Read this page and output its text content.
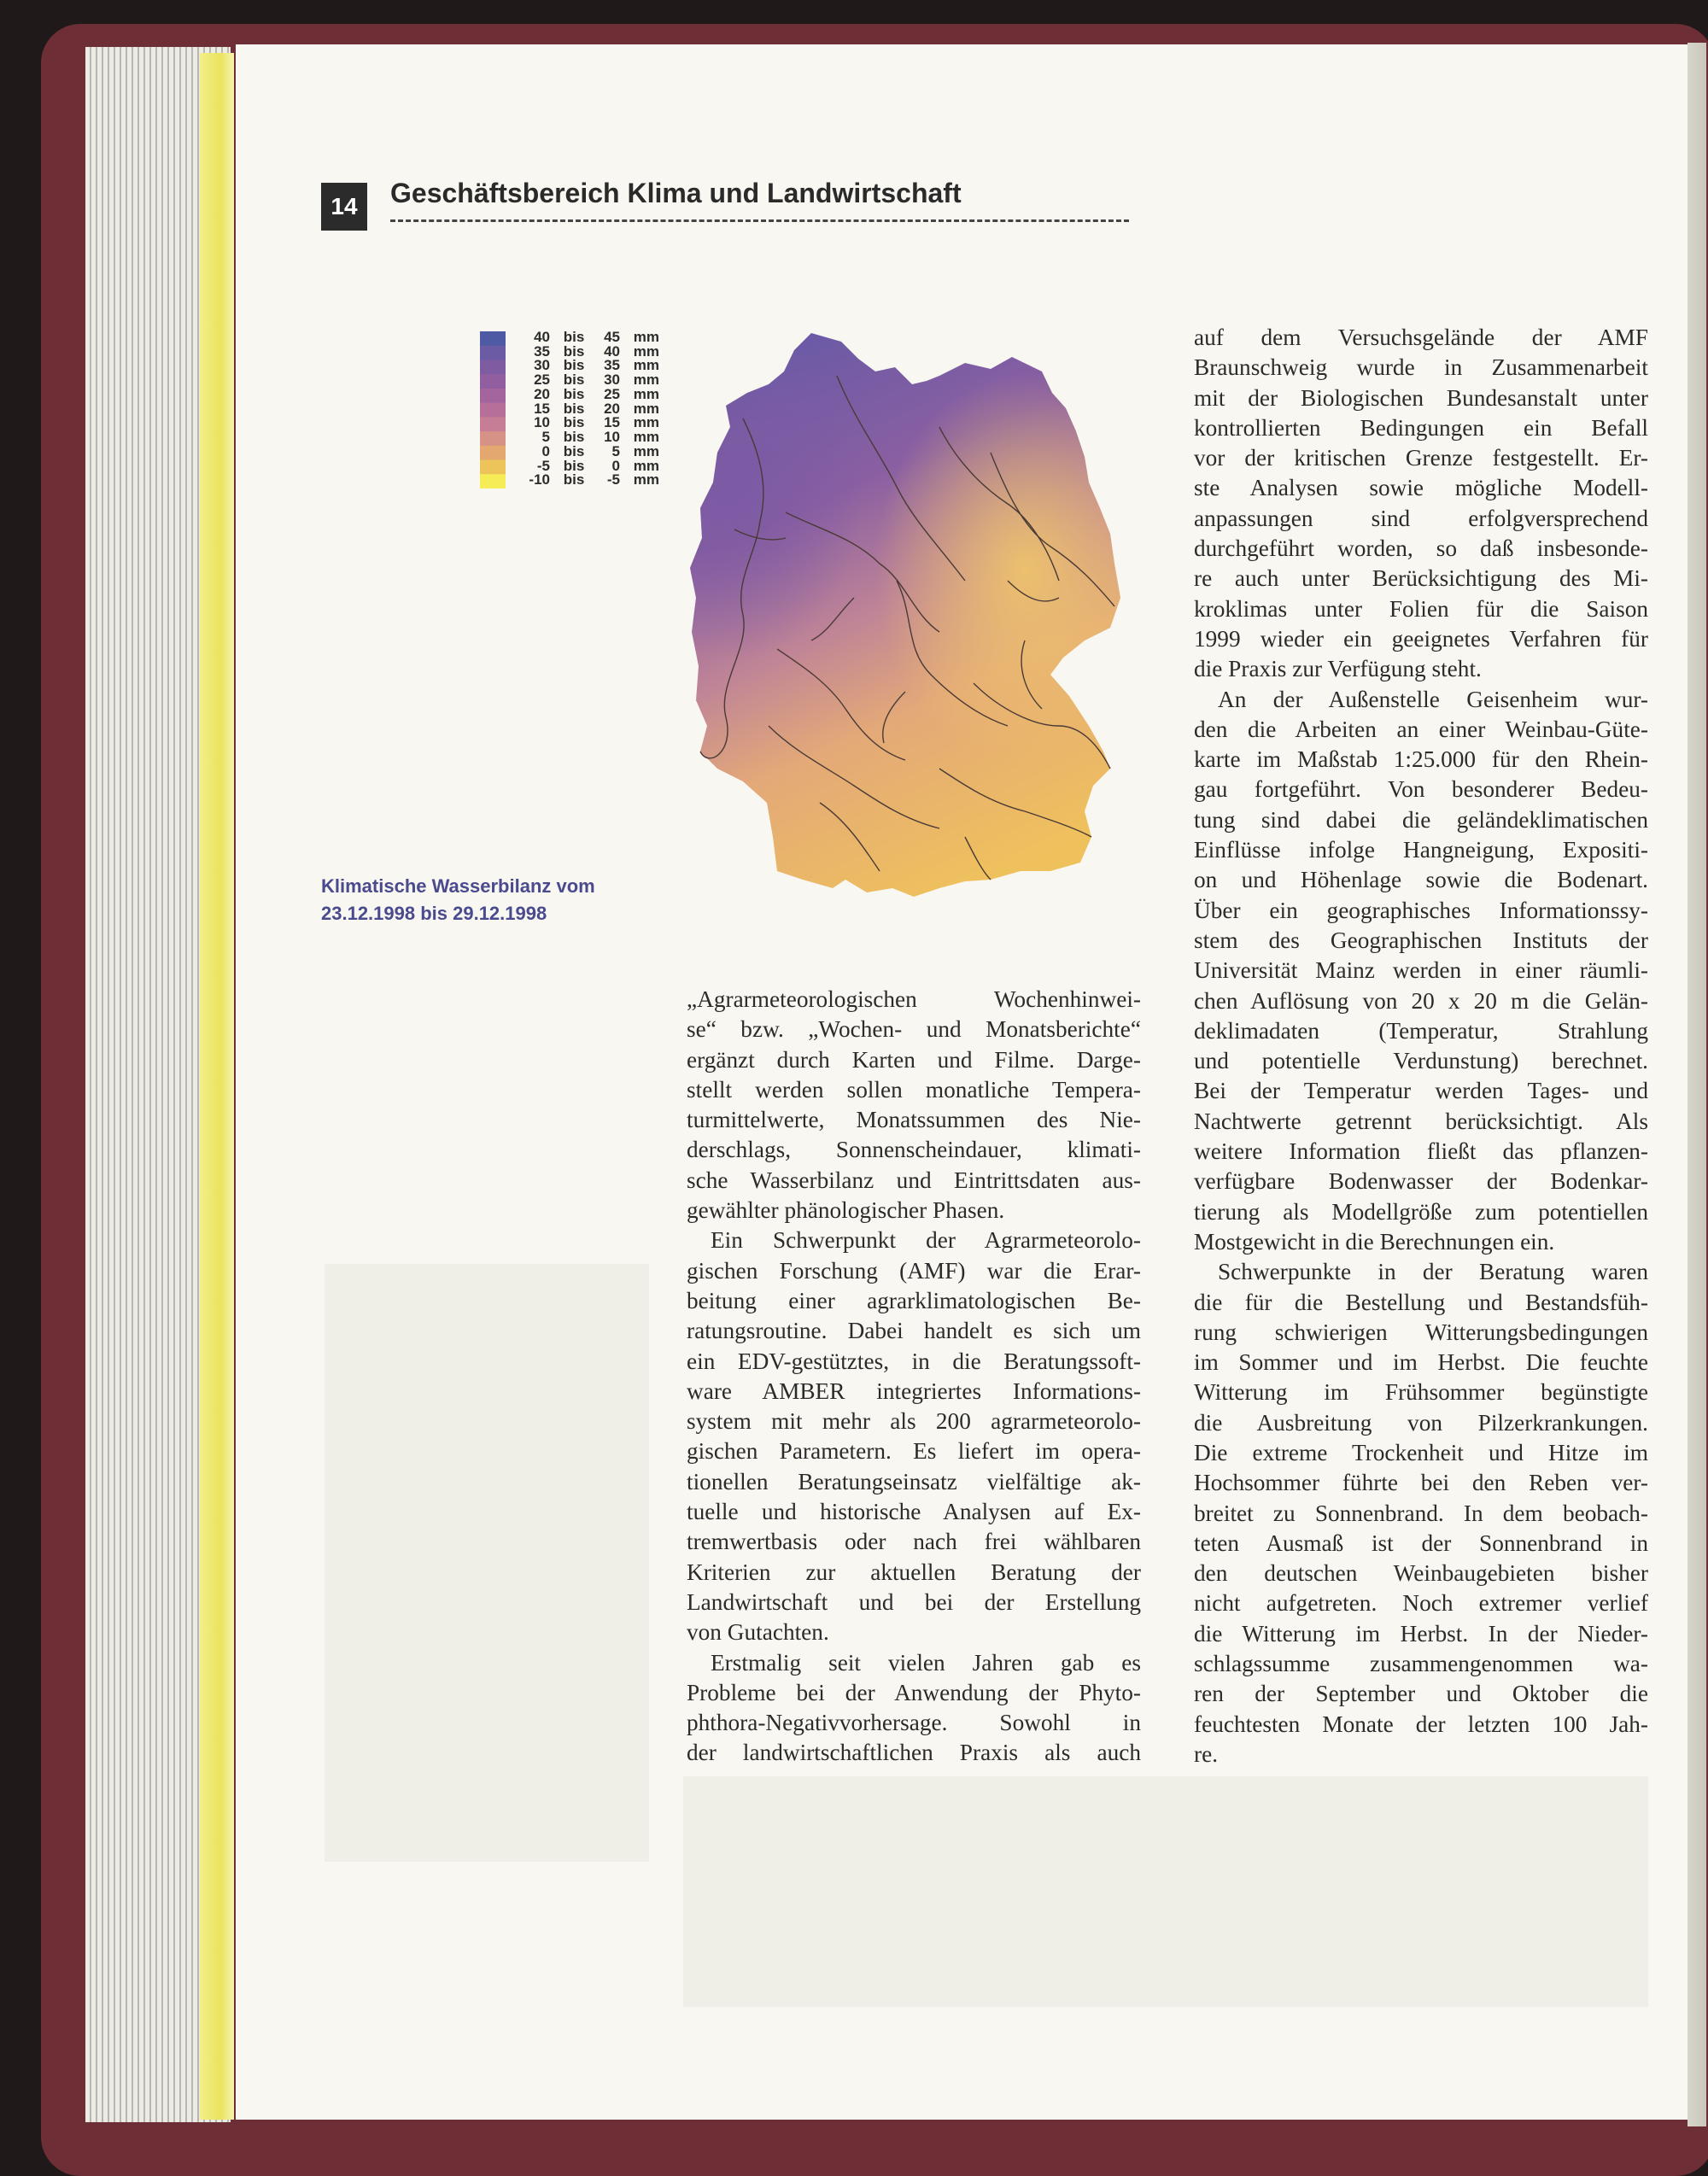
14	Geschäftsbereich Klima und Landwirtschaft
40 bis 45 mm
35 bis 40 mm
30 bis 35 mm
25 bis 30 mm
20 bis 25 mm
15 bis 20 mm
10 bis 15 mm
5 bis 10 mm
0 bis 5 mm
-5 bis 0 mm
-10 bis -5 mm

Klimatische Wasserbilanz vom
23.12.1998 bis 29.12.1998

„Agrarmeteorologischen Wochenhinwei-
se“ bzw. „Wochen- und Monatsberichte“
ergänzt durch Karten und Filme. Darge-
stellt werden sollen monatliche Tempera-
turmittelwerte, Monatssummen des Nie-
derschlags, Sonnenscheindauer, klimati-
sche Wasserbilanz und Eintrittsdaten aus-
gewählter phänologischer Phasen.
Ein Schwerpunkt der Agrarmeteorolo-
gischen Forschung (AMF) war die Erar-
beitung einer agrarklimatologischen Be-
ratungsroutine. Dabei handelt es sich um
ein EDV-gestütztes, in die Beratungssoft-
ware AMBER integriertes Informations-
system mit mehr als 200 agrarmeteorolo-
gischen Parametern. Es liefert im opera-
tionellen Beratungseinsatz vielfältige ak-
tuelle und historische Analysen auf Ex-
tremwertbasis oder nach frei wählbaren
Kriterien zur aktuellen Beratung der
Landwirtschaft und bei der Erstellung
von Gutachten.
Erstmalig seit vielen Jahren gab es
Probleme bei der Anwendung der Phyto-
phthora-Negativvorhersage. Sowohl in
der landwirtschaftlichen Praxis als auch
auf dem Versuchsgelände der AMF
Braunschweig wurde in Zusammenarbeit
mit der Biologischen Bundesanstalt unter
kontrollierten Bedingungen ein Befall
vor der kritischen Grenze festgestellt. Er-
ste Analysen sowie mögliche Modell-
anpassungen sind erfolgversprechend
durchgeführt worden, so daß insbesonde-
re auch unter Berücksichtigung des Mi-
kroklimas unter Folien für die Saison
1999 wieder ein geeignetes Verfahren für
die Praxis zur Verfügung steht.
An der Außenstelle Geisenheim wur-
den die Arbeiten an einer Weinbau-Güte-
karte im Maßstab 1:25.000 für den Rhein-
gau fortgeführt. Von besonderer Bedeu-
tung sind dabei die geländeklimatischen
Einflüsse infolge Hangneigung, Expositi-
on und Höhenlage sowie die Bodenart.
Über ein geographisches Informationssy-
stem des Geographischen Instituts der
Universität Mainz werden in einer räumli-
chen Auflösung von 20 x 20 m die Gelän-
deklimadaten (Temperatur, Strahlung
und potentielle Verdunstung) berechnet.
Bei der Temperatur werden Tages- und
Nachtwerte getrennt berücksichtigt. Als
weitere Information fließt das pflanzen-
verfügbare Bodenwasser der Bodenkar-
tierung als Modellgröße zum potentiellen
Mostgewicht in die Berechnungen ein.
Schwerpunkte in der Beratung waren
die für die Bestellung und Bestandsfüh-
rung schwierigen Witterungsbedingungen
im Sommer und im Herbst. Die feuchte
Witterung im Frühsommer begünstigte
die Ausbreitung von Pilzerkrankungen.
Die extreme Trockenheit und Hitze im
Hochsommer führte bei den Reben ver-
breitet zu Sonnenbrand. In dem beobach-
teten Ausmaß ist der Sonnenbrand in
den deutschen Weinbaugebieten bisher
nicht aufgetreten. Noch extremer verlief
die Witterung im Herbst. In der Nieder-
schlagssumme zusammengenommen wa-
ren der September und Oktober die
feuchtesten Monate der letzten 100 Jah-
re.
